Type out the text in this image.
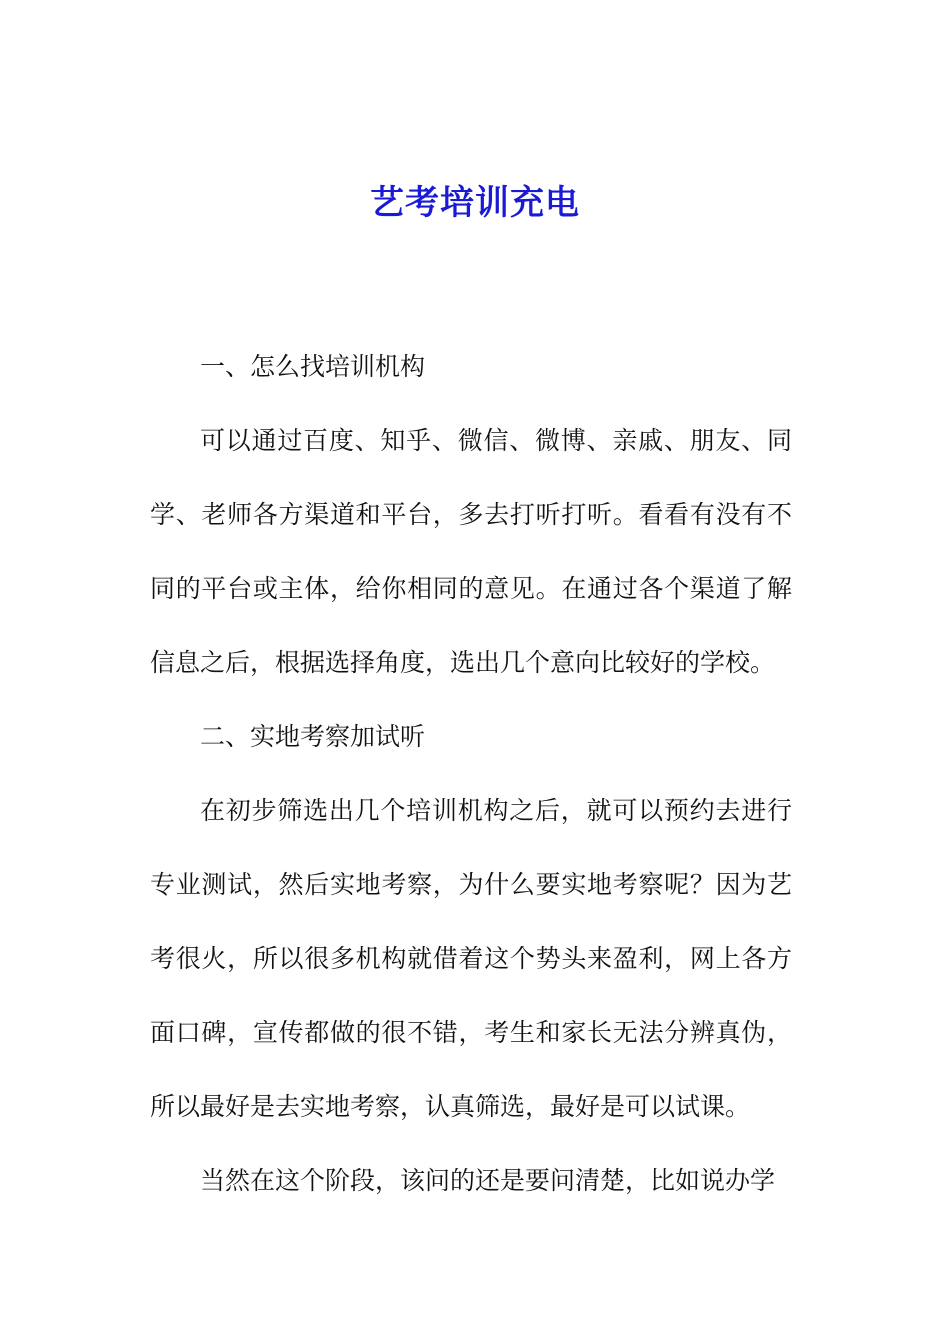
艺考培训充电

一、怎么找培训机构

可以通过百度、知乎、微信、微博、亲戚、朋友、同学、老师各方渠道和平台，多去打听打听。看看有没有不同的平台或主体，给你相同的意见。在通过各个渠道了解信息之后，根据选择角度，选出几个意向比较好的学校。

二、实地考察加试听

在初步筛选出几个培训机构之后，就可以预约去进行专业测试，然后实地考察，为什么要实地考察呢？因为艺考很火，所以很多机构就借着这个势头来盈利，网上各方面口碑，宣传都做的很不错，考生和家长无法分辨真伪，所以最好是去实地考察，认真筛选，最好是可以试课。

当然在这个阶段，该问的还是要问清楚，比如说办学
